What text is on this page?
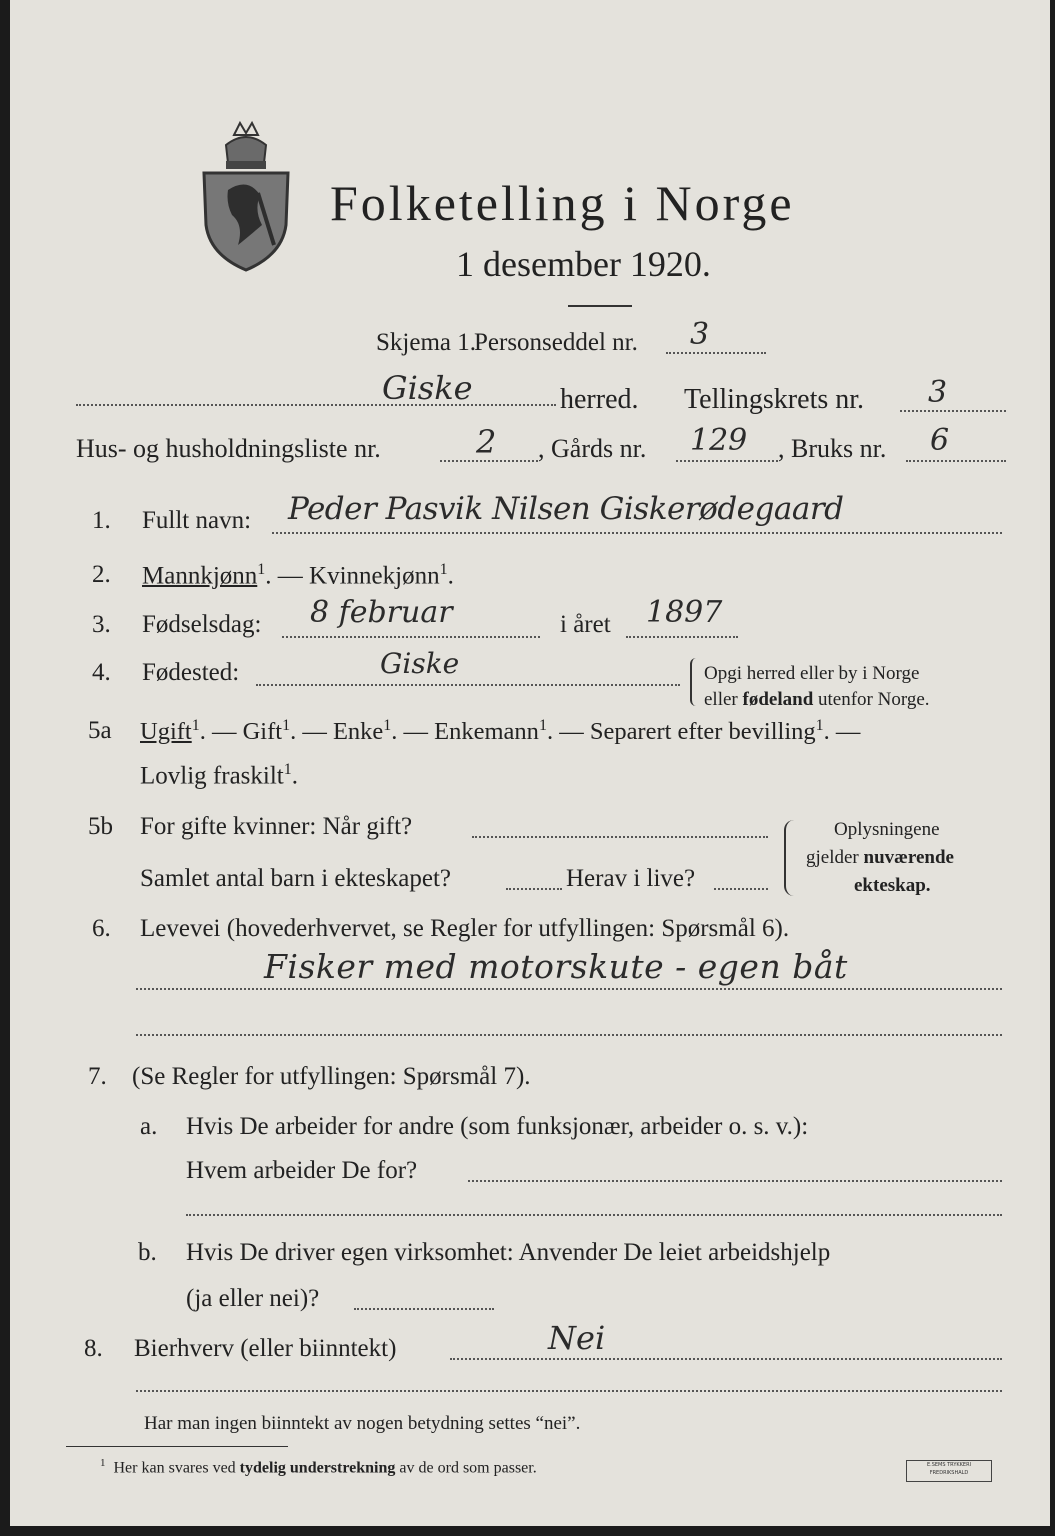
Folketelling i Norge
1 desember 1920.
Skjema 1.
Personseddel nr. 3
Giske	herred. Tellingskrets nr. 3
Hus- og husholdningsliste nr.	2 , Gårds nr. 129 , Bruks nr. 6
1. Fullt navn: Peder Pasvik Nilsen Giskerødegaard
2. Mannkjønn$^1$. — Kvinnekjønn$^1$.
3. Fødselsdag: 8 februar	i året 1897
4. Fødested:	Giske	Opgi herred eller by i Norge
eller fødeland utenfor Norge.
5a Ugift$^1$. — Gift$^1$. — Enke$^1$. — Enkemann$^1$. — Separert efter bevilling$^1$. —
Lovlig fraskilt$^1$.
5b For gifte kvinner: Når gift?
Samlet antal barn i ekteskapet?	Herav i live?
Oplysningene
gjelder nuværende
ekteskap.
6. Levevei (hovederhvervet, se Regler for utfyllingen: Spørsmål 6).
Fisker med motorskute - egen båt
7. (Se Regler for utfyllingen: Spørsmål 7).
a. Hvis De arbeider for andre (som funksjonær, arbeider o. s. v.):
Hvem arbeider De for?
b. Hvis De driver egen virksomhet: Anvender De leiet arbeidshjelp
(ja eller nei)?
8. Bierhverv (eller biinntekt)	Nei
Har man ingen biinntekt av nogen betydning settes “nei”.
$^1$ Her kan svares ved tydelig understrekning av de ord som passer.	E.SEMS TRYKKERI FREDRIKSHALD
